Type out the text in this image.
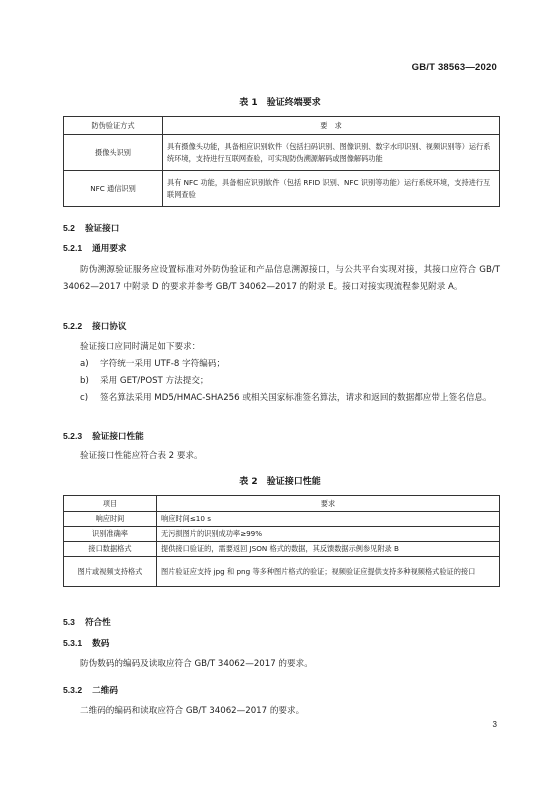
GB/T 38563—2020
表 1　验证终端要求
防伪验证方式	要　求
摄像头识别	具有摄像头功能，具备相应识别软件（包括扫码识别、图像识别、数字水印识别、视频识别等）运行系统环境，支持进行互联网查验，可实现防伪溯源解码或图像解码功能
NFC 通信识别	具有 NFC 功能，具备相应识别软件（包括 RFID 识别、NFC 识别等功能）运行系统环境，支持进行互联网查验
5.2 验证接口
5.2.1 通用要求
防伪溯源验证服务应设置标准对外防伪验证和产品信息溯源接口，与公共平台实现对接，其接口应符合 GB/T 34062—2017 中附录 D 的要求并参考 GB/T 34062—2017 的附录 E。接口对接实现流程参见附录 A。
5.2.2 接口协议
验证接口应同时满足如下要求：
a) 字符统一采用 UTF-8 字符编码；
b) 采用 GET/POST 方法提交；
c)	签名算法采用 MD5/HMAC-SHA256 或相关国家标准签名算法，请求和返回的数据都应带上签名信息。
5.2.3 验证接口性能
验证接口性能应符合表 2 要求。
表 2　验证接口性能
项目	要求
响应时间	响应时间≤10 s
识别准确率	无污损图片的识别成功率≥99%
接口数据格式	提供接口验证的，需要返回 JSON 格式的数据，其反馈数据示例参见附录 B
图片或视频支持格式	图片验证应支持 jpg 和 png 等多种图片格式的验证；视频验证应提供支持多种视频格式验证的接口
5.3 符合性
5.3.1 数码
防伪数码的编码及读取应符合 GB/T 34062—2017 的要求。
5.3.2 二维码
二维码的编码和读取应符合 GB/T 34062—2017 的要求。
3
